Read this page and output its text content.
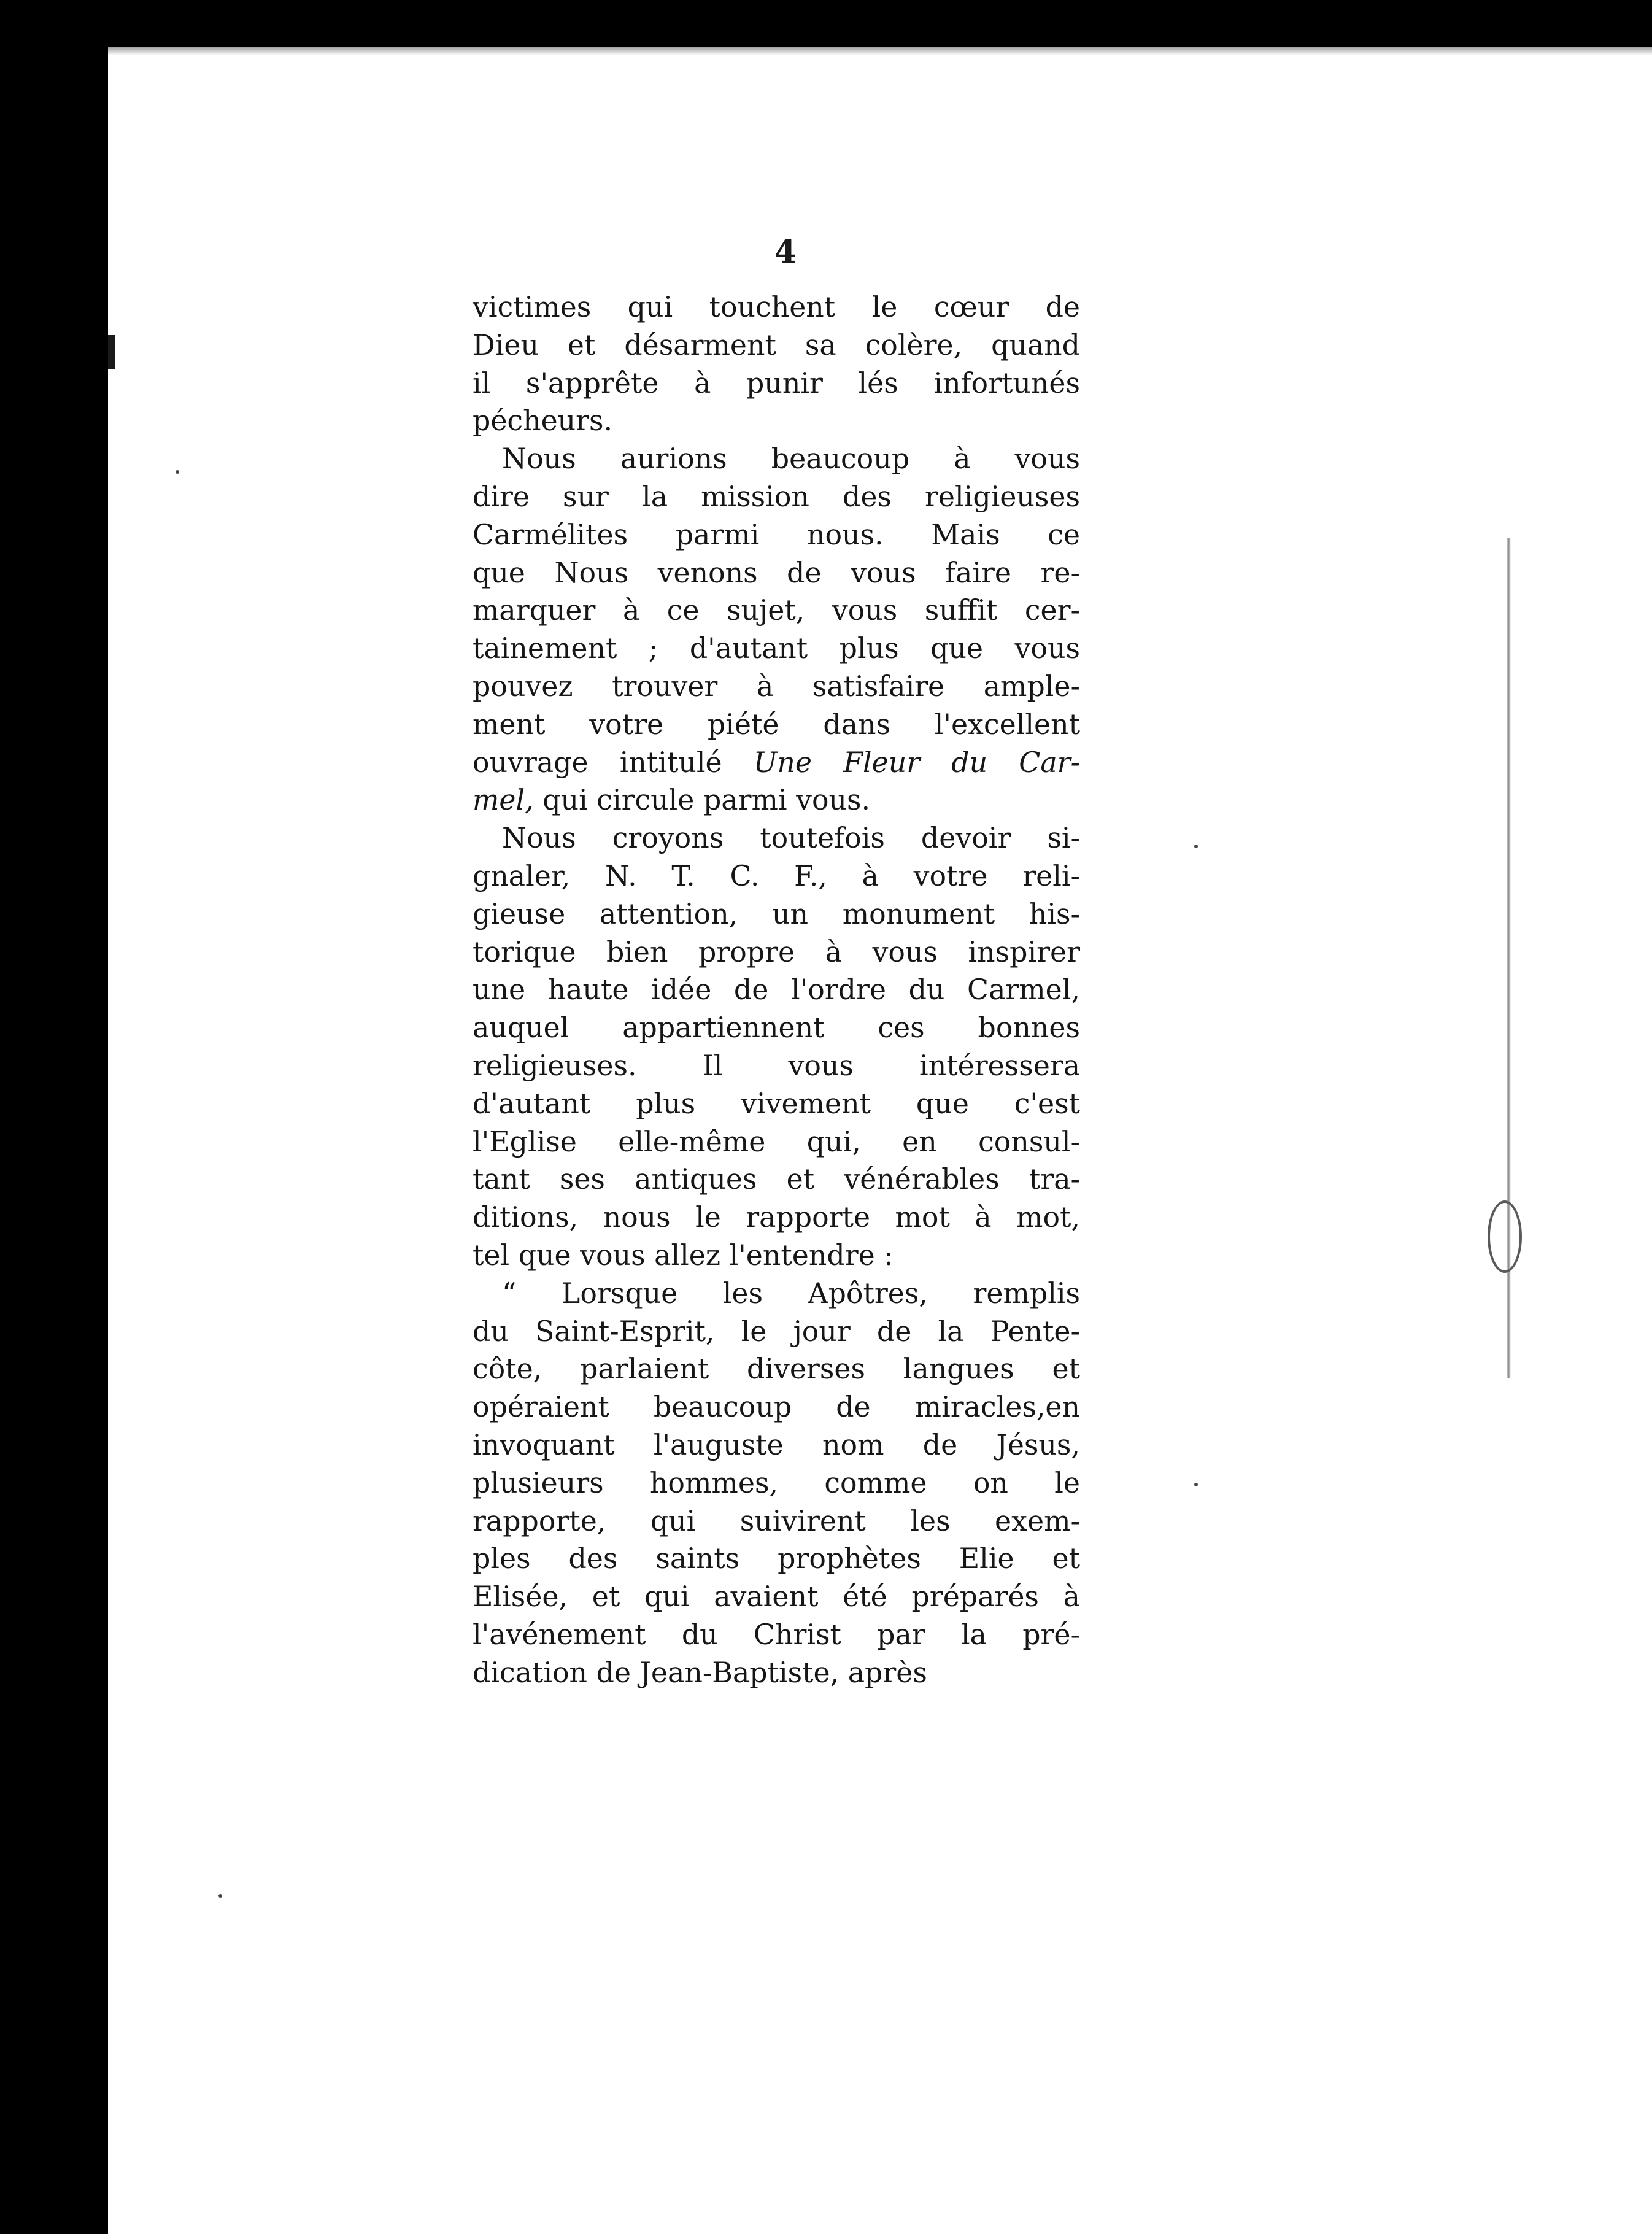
4

victimes qui touchent le cœur de
Dieu et désarment sa colère, quand
il s'apprête à punir lés infortunés
pécheurs.

Nous aurions beaucoup à vous
dire sur la mission des religieuses
Carmélites parmi nous. Mais ce
que Nous venons de vous faire re-
marquer à ce sujet, vous suffit cer-
tainement ; d'autant plus que vous
pouvez trouver à satisfaire ample-
ment votre piété dans l'excellent
ouvrage intitulé Une Fleur du Car-
mel, qui circule parmi vous.

Nous croyons toutefois devoir si-
gnaler, N. T. C. F., à votre reli-
gieuse attention, un monument his-
torique bien propre à vous inspirer
une haute idée de l'ordre du Carmel,
auquel appartiennent ces bonnes
religieuses. Il vous intéressera
d'autant plus vivement que c'est
l'Eglise elle-même qui, en consul-
tant ses antiques et vénérables tra-
ditions, nous le rapporte mot à mot,
tel que vous allez l'entendre :

“ Lorsque les Apôtres, remplis
du Saint-Esprit, le jour de la Pente-
côte, parlaient diverses langues et
opéraient beaucoup de miracles,en
invoquant l'auguste nom de Jésus,
plusieurs hommes, comme on le
rapporte, qui suivirent les exem-
ples des saints prophètes Elie et
Elisée, et qui avaient été préparés à
l'avénement du Christ par la pré-
dication de Jean-Baptiste, après
